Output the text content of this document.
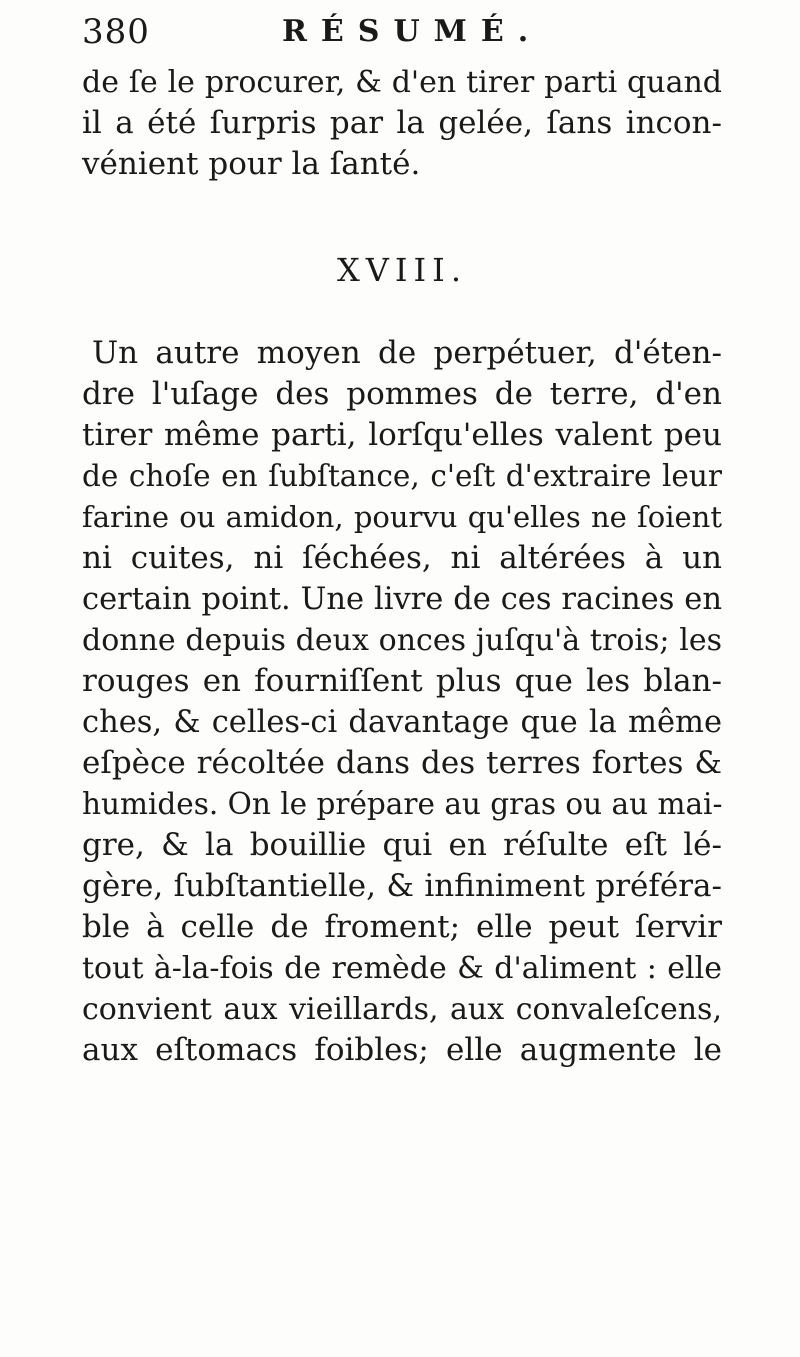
380	RÉSUMÉ.
de ſe le procurer, & d'en tirer parti quand
il a été ſurpris par la gelée, ſans incon-
vénient pour la ſanté.
XVIII.
Un autre moyen de perpétuer, d'éten-
dre l'uſage des pommes de terre, d'en
tirer même parti, lorſqu'elles valent peu
de choſe en ſubſtance, c'eſt d'extraire leur
farine ou amidon, pourvu qu'elles ne ſoient
ni cuites, ni ſéchées, ni altérées à un
certain point. Une livre de ces racines en
donne depuis deux onces juſqu'à trois; les
rouges en fourniſſent plus que les blan-
ches, & celles-ci davantage que la même
eſpèce récoltée dans des terres fortes &
humides. On le prépare au gras ou au mai-
gre, & la bouillie qui en réſulte eſt lé-
gère, ſubſtantielle, & infiniment préféra-
ble à celle de froment; elle peut ſervir
tout à-la-fois de remède & d'aliment : elle
convient aux vieillards, aux convaleſcens,
aux eſtomacs foibles; elle augmente le
